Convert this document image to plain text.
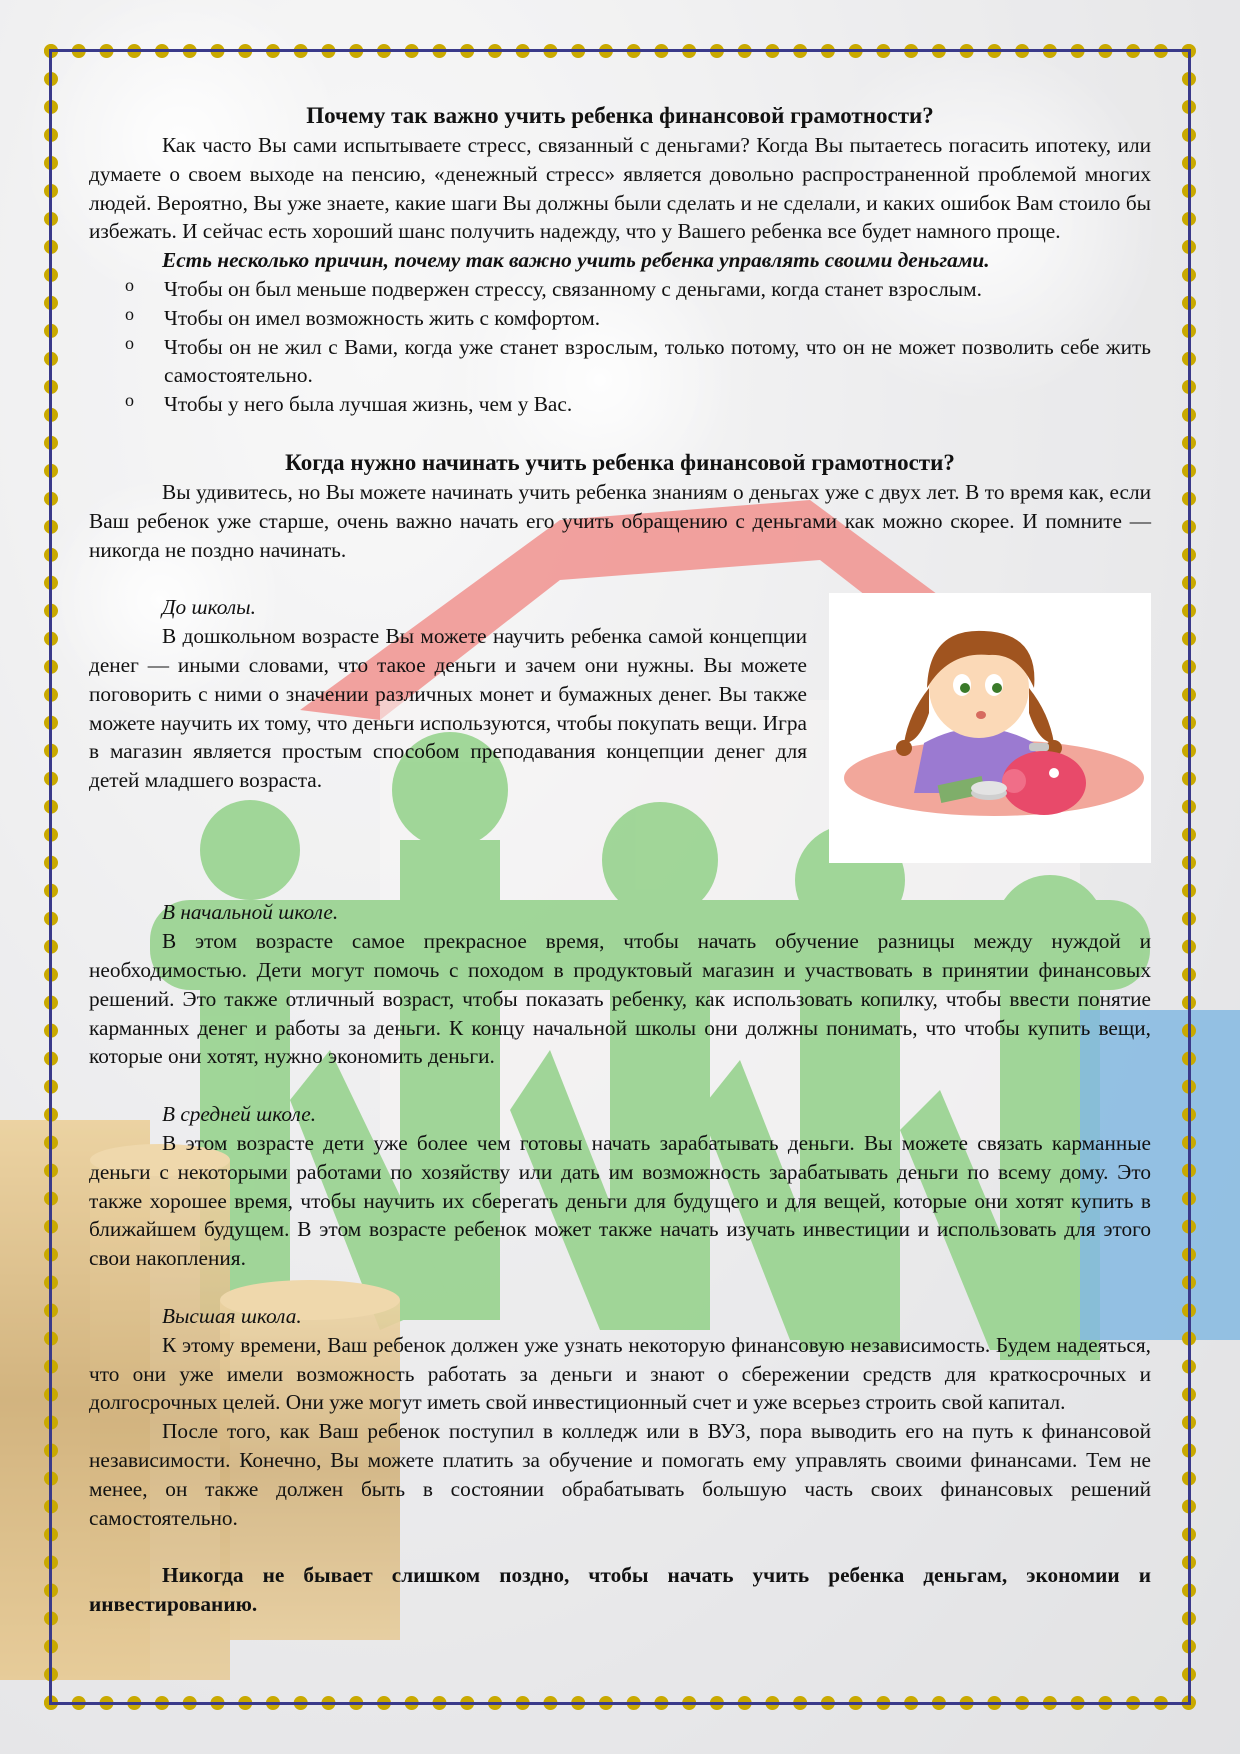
Почему так важно учить ребенка финансовой грамотности?

Как часто Вы сами испытываете стресс, связанный с деньгами? Когда Вы пытаетесь погасить ипотеку, или думаете о своем выходе на пенсию, «денежный стресс» является довольно распространенной проблемой многих людей. Вероятно, Вы уже знаете, какие шаги Вы должны были сделать и не сделали, и каких ошибок Вам стоило бы избежать. И сейчас есть хороший шанс получить надежду, что у Вашего ребенка все будет намного проще.

Есть несколько причин, почему так важно учить ребенка управлять своими деньгами.

о Чтобы он был меньше подвержен стрессу, связанному с деньгами, когда станет взрослым.
о Чтобы он имел возможность жить с комфортом.
о Чтобы он не жил с Вами, когда уже станет взрослым, только потому, что он не может позволить себе жить самостоятельно.
о Чтобы у него была лучшая жизнь, чем у Вас.
Когда нужно начинать учить ребенка финансовой грамотности?

Вы удивитесь, но Вы можете начинать учить ребенка знаниям о деньгах уже с двух лет. В то время как, если Ваш ребенок уже старше, очень важно начать его учить обращению с деньгами как можно скорее. И помните — никогда не поздно начинать.

До школы.

В дошкольном возрасте Вы можете научить ребенка самой концепции денег — иными словами, что такое деньги и зачем они нужны. Вы можете поговорить с ними о значении различных монет и бумажных денег. Вы также можете научить их тому, что деньги используются, чтобы покупать вещи. Игра в магазин является простым способом преподавания концепции денег для детей младшего возраста.

В начальной школе.

В этом возрасте самое прекрасное время, чтобы начать обучение разницы между нуждой и необходимостью. Дети могут помочь с походом в продуктовый магазин и участвовать в принятии финансовых решений. Это также отличный возраст, чтобы показать ребенку, как использовать копилку, чтобы ввести понятие карманных денег и работы за деньги. К концу начальной школы они должны понимать, что чтобы купить вещи, которые они хотят, нужно экономить деньги.

В средней школе.

В этом возрасте дети уже более чем готовы начать зарабатывать деньги. Вы можете связать карманные деньги с некоторыми работами по хозяйству или дать им возможность зарабатывать деньги по всему дому. Это также хорошее время, чтобы научить их сберегать деньги для будущего и для вещей, которые они хотят купить в ближайшем будущем. В этом возрасте ребенок может также начать изучать инвестиции и использовать для этого свои накопления.

Высшая школа.

К этому времени, Ваш ребенок должен уже узнать некоторую финансовую независимость. Будем надеяться, что они уже имели возможность работать за деньги и знают о сбережении средств для краткосрочных и долгосрочных целей. Они уже могут иметь свой инвестиционный счет и уже всерьез строить свой капитал.

После того, как Ваш ребенок поступил в колледж или в ВУЗ, пора выводить его на путь к финансовой независимости. Конечно, Вы можете платить за обучение и помогать ему управлять своими финансами. Тем не менее, он также должен быть в состоянии обрабатывать большую часть своих финансовых решений самостоятельно.

Никогда не бывает слишком поздно, чтобы начать учить ребенка деньгам, экономии и инвестированию.
